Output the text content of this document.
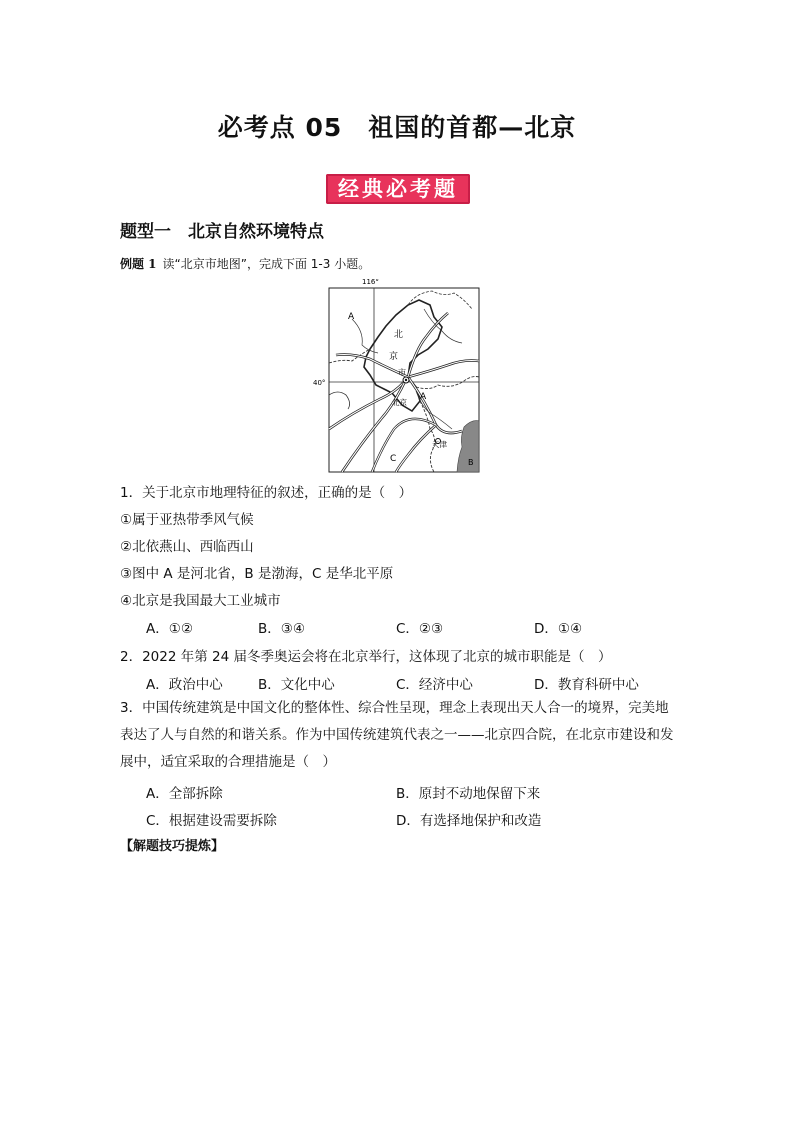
必考点 05　祖国的首都—北京
经典必考题
题型一　北京自然环境特点
例题 1 读“北京市地图”，完成下面 1-3 小题。
116°
40°
A
北
京
市
北京
A
天津
C	B
1．关于北京市地理特征的叙述，正确的是（　）
①属于亚热带季风气候
②北依燕山、西临西山
③图中 A 是河北省，B 是渤海，C 是华北平原
④北京是我国最大工业城市
A．①②	B．③④	C．②③	D．①④
2．2022 年第 24 届冬季奥运会将在北京举行，这体现了北京的城市职能是（　）
A．政治中心	B．文化中心	C．经济中心	D．教育科研中心
3．中国传统建筑是中国文化的整体性、综合性呈现，理念上表现出天人合一的境界，完美地表达了人与自然的和谐关系。作为中国传统建筑代表之一——北京四合院，在北京市建设和发展中，适宜采取的合理措施是（　）
A．全部拆除	B．原封不动地保留下来
C．根据建设需要拆除	D．有选择地保护和改造
【解题技巧提炼】
